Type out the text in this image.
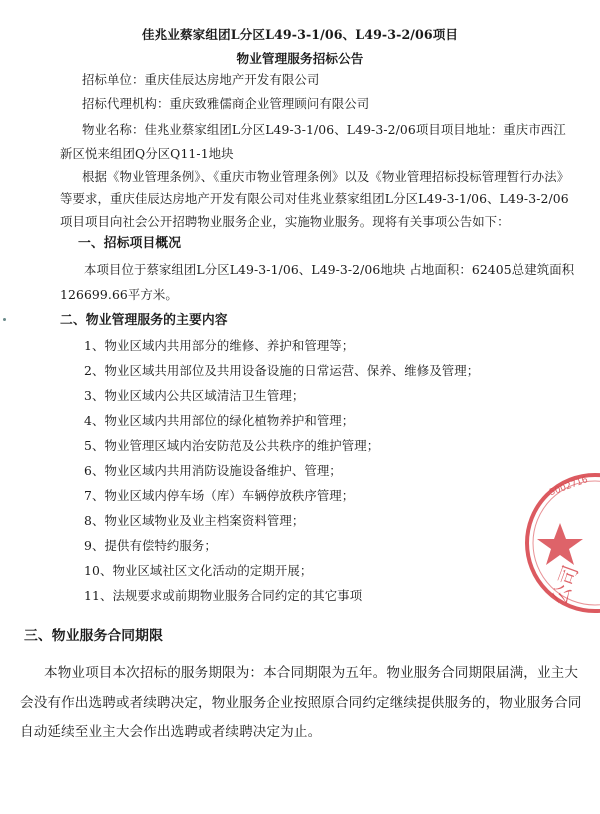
佳兆业蔡家组团L分区L49-3-1/06、L49-3-2/06项目
物业管理服务招标公告
招标单位：重庆佳辰达房地产开发有限公司
招标代理机构：重庆致雅儒商企业管理顾问有限公司
物业名称：佳兆业蔡家组团L分区L49-3-1/06、L49-3-2/06项目项目地址：重庆市西江
新区悦来组团Q分区Q11-1地块
根据《物业管理条例》、《重庆市物业管理条例》以及《物业管理招标投标管理暂行办法》
等要求，重庆佳辰达房地产开发有限公司对佳兆业蔡家组团L分区L49-3-1/06、L49-3-2/06
项目项目向社会公开招聘物业服务企业，实施物业服务。现将有关事项公告如下：
一、招标项目概况
本项目位于蔡家组团L分区L49-3-1/06、L49-3-2/06地块 占地面积：62405总建筑面积
126699.66平方米。
二、物业管理服务的主要内容
1、物业区域内共用部分的维修、养护和管理等；
2、物业区域共用部位及共用设备设施的日常运营、保养、维修及管理；
3、物业区域内公共区域清洁卫生管理；
4、物业区域内共用部位的绿化植物养护和管理；
5、物业管理区域内治安防范及公共秩序的维护管理；
6、物业区域内共用消防设施设备维护、管理；
7、物业区域内停车场（库）车辆停放秩序管理；
8、物业区域物业及业主档案资料管理；
9、提供有偿特约服务；
10、物业区域社区文化活动的定期开展；
11、法规要求或前期物业服务合同约定的其它事项
三、物业服务合同期限
本物业项目本次招标的服务期限为：本合同期限为五年。物业服务合同期限届满，业主大
会没有作出选聘或者续聘决定，物业服务企业按照原合同约定继续提供服务的，物业服务合同
自动延续至业主大会作出选聘或者续聘决定为止。
公司
5002716
